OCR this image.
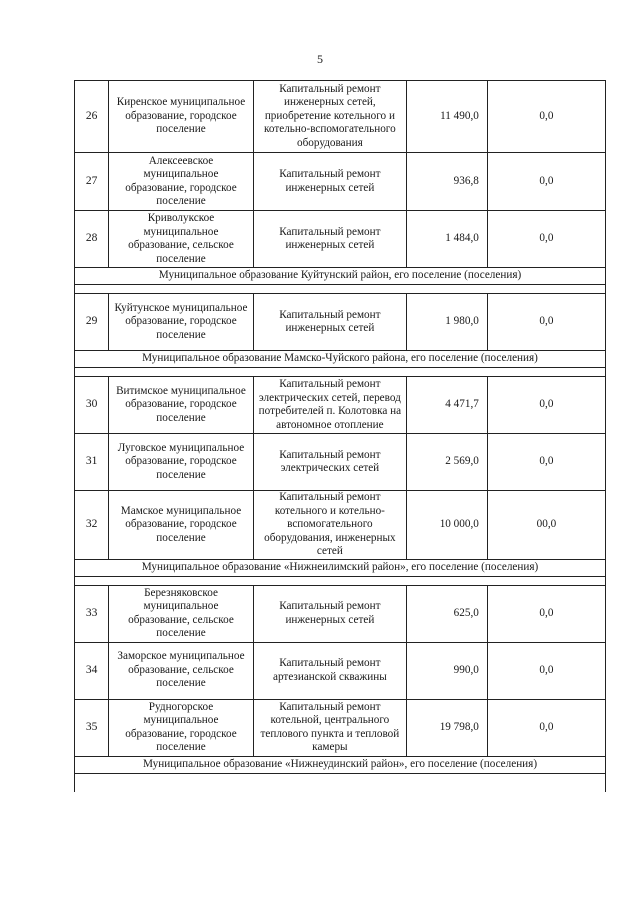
5
26	Киренское муниципальное образование, городское поселение	Капитальный ремонт инженерных сетей, приобретение котельного и котельно-вспомогательного оборудования	11 490,0	0,0
27	Алексеевское муниципальное образование, городское поселение	Капитальный ремонт инженерных сетей	936,8	0,0
28	Криволукское муниципальное образование, сельское поселение	Капитальный ремонт инженерных сетей	1 484,0	0,0
Муниципальное образование Куйтунский район, его поселение (поселения)				

29	Куйтунское муниципальное образование, городское поселение	Капитальный ремонт инженерных сетей	1 980,0	0,0
Муниципальное образование Мамско-Чуйского района, его поселение (поселения)				

30	Витимское муниципальное образование, городское поселение	Капитальный ремонт электрических сетей, перевод потребителей п. Колотовка на автономное отопление	4 471,7	0,0
31	Луговское муниципальное образование, городское поселение	Капитальный ремонт электрических сетей	2 569,0	0,0
32	Мамское муниципальное образование, городское поселение	Капитальный ремонт котельного и котельно-вспомогательного оборудования, инженерных сетей	10 000,0	00,0
Муниципальное образование «Нижнеилимский район», его поселение (поселения)				

33	Березняковское муниципальное образование, сельское поселение	Капитальный ремонт инженерных сетей	625,0	0,0
34	Заморское муниципальное образование, сельское поселение	Капитальный ремонт артезианской скважины	990,0	0,0
35	Рудногорское муниципальное образование, городское поселение	Капитальный ремонт котельной, центрального теплового пункта и тепловой камеры	19 798,0	0,0
Муниципальное образование «Нижнеудинский район», его поселение (поселения)				
